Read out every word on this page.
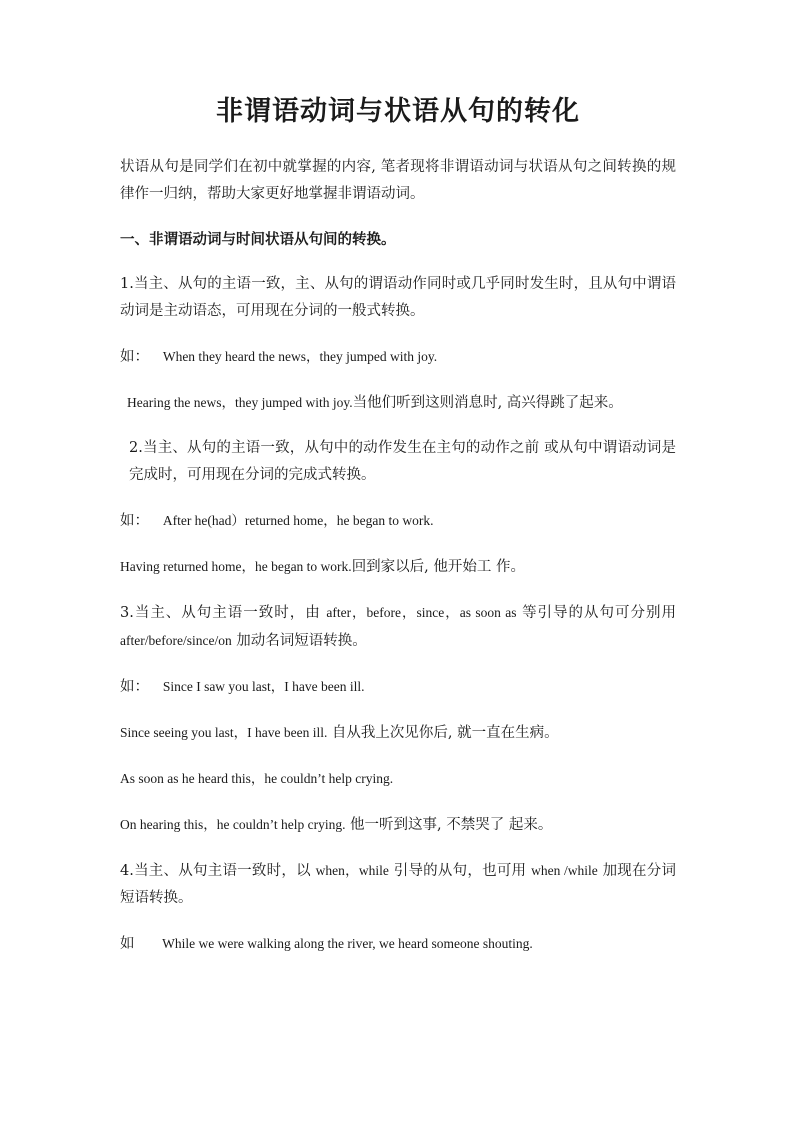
非谓语动词与状语从句的转化

状语从句是同学们在初中就掌握的内容, 笔者现将非谓语动词与状语从句之间转换的规律作一归纳，帮助大家更好地掌握非谓语动词。

一、非谓语动词与时间状语从句间的转换。

1.当主、从句的主语一致，主、从句的谓语动作同时或几乎同时发生时，且从句中谓语动词是主动语态，可用现在分词的一般式转换。

如： When they heard the news，they jumped with joy.

Hearing the news，they jumped with joy.当他们听到这则消息时, 高兴得跳了起来。

2.当主、从句的主语一致，从句中的动作发生在主句的动作之前 或从句中谓语动词是完成时，可用现在分词的完成式转换。

如： After he(had）returned home，he began to work.

Having returned home，he began to work.回到家以后, 他开始工 作。

3.当主、从句主语一致时，由 after，before，since，as soon as 等引导的从句可分别用 after/before/since/on 加动名词短语转换。

如： Since I saw you last，I have been ill.

Since seeing you last，I have been ill. 自从我上次见你后, 就一直在生病。

As soon as he heard this，he couldn’t help crying.

On hearing this，he couldn’t help crying. 他一听到这事, 不禁哭了 起来。

4.当主、从句主语一致时，以 when，while 引导的从句，也可用 when /while 加现在分词短语转换。

如 While we were walking along the river, we heard someone shouting.
